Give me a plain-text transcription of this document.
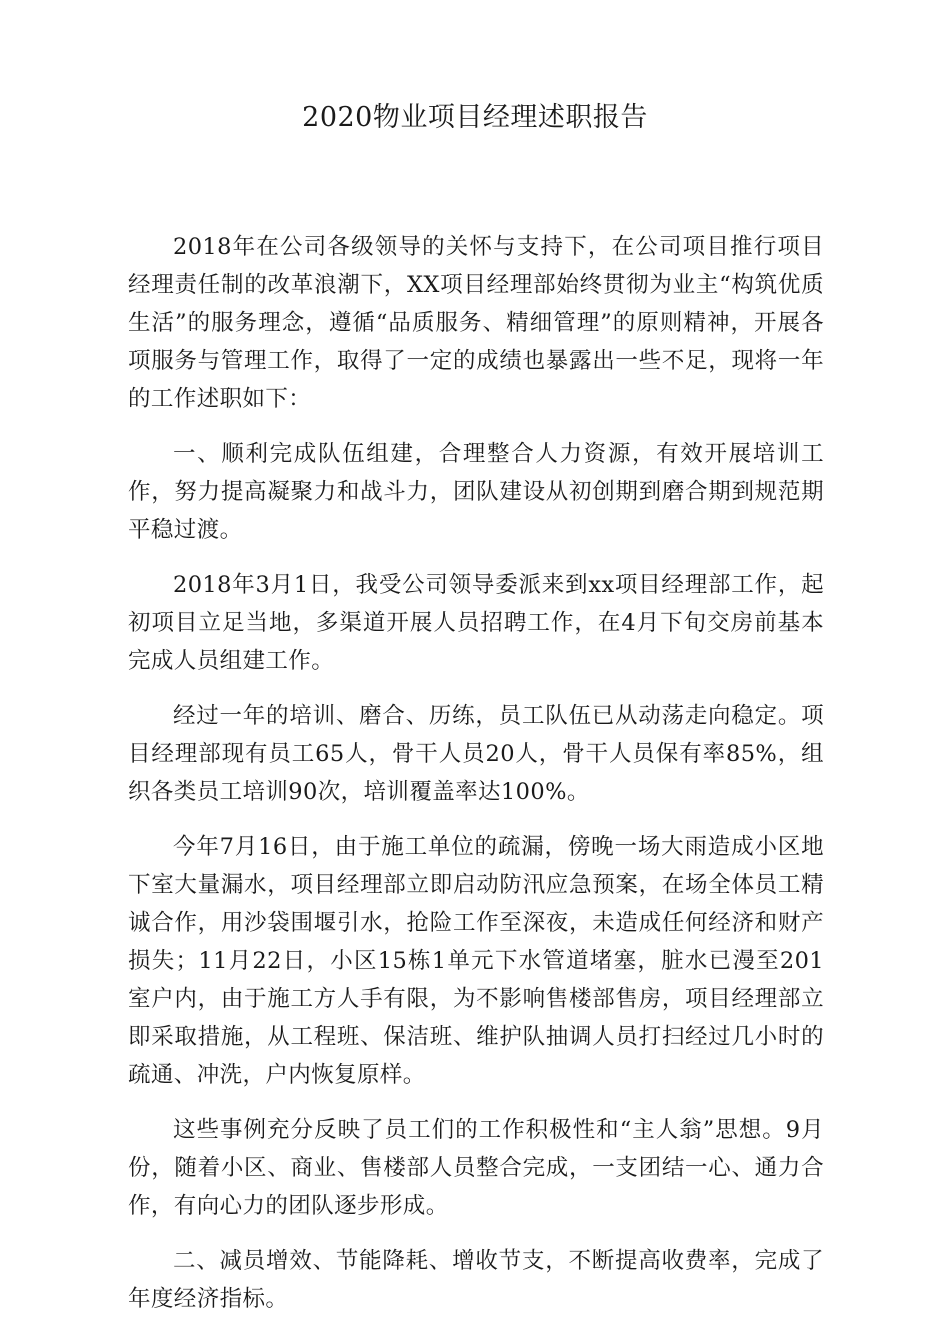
2020物业项目经理述职报告

2018年在公司各级领导的关怀与支持下，在公司项目推行项目经理责任制的改革浪潮下，XX项目经理部始终贯彻为业主“构筑优质生活”的服务理念，遵循“品质服务、精细管理”的原则精神，开展各项服务与管理工作，取得了一定的成绩也暴露出一些不足，现将一年的工作述职如下：

一、顺利完成队伍组建，合理整合人力资源，有效开展培训工作，努力提高凝聚力和战斗力，团队建设从初创期到磨合期到规范期平稳过渡。

2018年3月1日，我受公司领导委派来到xx项目经理部工作，起初项目立足当地，多渠道开展人员招聘工作，在4月下旬交房前基本完成人员组建工作。

经过一年的培训、磨合、历练，员工队伍已从动荡走向稳定。项目经理部现有员工65人，骨干人员20人，骨干人员保有率85%，组织各类员工培训90次，培训覆盖率达100%。

今年7月16日，由于施工单位的疏漏，傍晚一场大雨造成小区地下室大量漏水，项目经理部立即启动防汛应急预案，在场全体员工精诚合作，用沙袋围堰引水，抢险工作至深夜，未造成任何经济和财产损失；11月22日，小区15栋1单元下水管道堵塞，脏水已漫至201室户内，由于施工方人手有限，为不影响售楼部售房，项目经理部立即采取措施，从工程班、保洁班、维护队抽调人员打扫经过几小时的疏通、冲洗，户内恢复原样。

这些事例充分反映了员工们的工作积极性和“主人翁”思想。9月份，随着小区、商业、售楼部人员整合完成，一支团结一心、通力合作，有向心力的团队逐步形成。

二、减员增效、节能降耗、增收节支，不断提高收费率，完成了年度经济指标。
